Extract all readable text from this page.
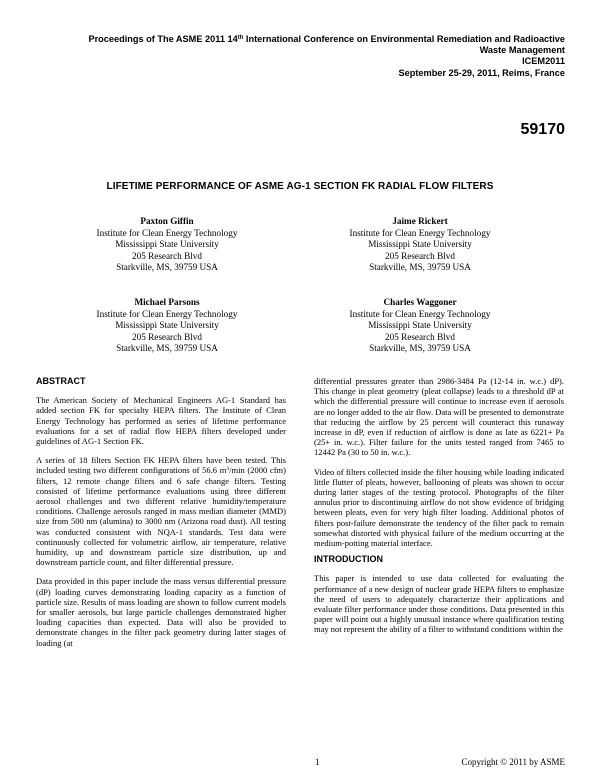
Proceedings of The ASME 2011 14th International Conference on Environmental Remediation and Radioactive
Waste Management
ICEM2011
September 25-29, 2011, Reims, France
59170
LIFETIME PERFORMANCE OF ASME AG-1 SECTION FK RADIAL FLOW FILTERS
Paxton Giffin
Institute for Clean Energy Technology
Mississippi State University
205 Research Blvd
Starkville, MS, 39759 USA
Jaime Rickert
Institute for Clean Energy Technology
Mississippi State University
205 Research Blvd
Starkville, MS, 39759 USA
Michael Parsons
Institute for Clean Energy Technology
Mississippi State University
205 Research Blvd
Starkville, MS, 39759 USA
Charles Waggoner
Institute for Clean Energy Technology
Mississippi State University
205 Research Blvd
Starkville, MS, 39759 USA
ABSTRACT

The American Society of Mechanical Engineers AG-1 Standard has added section FK for specialty HEPA filters. The Institute of Clean Energy Technology has performed as series of lifetime performance evaluations for a set of radial flow HEPA filters developed under guidelines of AG-1 Section FK.

A series of 18 filters Section FK HEPA filters have been tested. This included testing two different configurations of 56.6 $m^3/\min$ (2000 cfm) filters, 12 remote change filters and 6 safe change filters. Testing consisted of lifetime performance evaluations using three different aerosol challenges and two different relative humidity/temperature conditions. Challenge aerosols ranged in mass median diameter (MMD) size from 500 nm (alumina) to 3000 nm (Arizona road dust). All testing was conducted consistent with NQA-1 standards. Test data were continuously collected for volumetric airflow, air temperature, relative humidity, up and downstream particle size distribution, up and downstream particle count, and filter differential pressure.

Data provided in this paper include the mass versus differential pressure (dP) loading curves demonstrating loading capacity as a function of particle size. Results of mass loading are shown to follow current models for smaller aerosols, but large particle challenges demonstrated higher loading capacities than expected. Data will also be provided to demonstrate changes in the filter pack geometry during latter stages of loading (at

differential pressures greater than 2986-3484 Pa (12-14 in. w.c.) dP). This change in pleat geometry (pleat collapse) leads to a threshold dP at which the differential pressure will continue to increase even if aerosols are no longer added to the air flow. Data will be presented to demonstrate that reducing the airflow by 25 percent will counteract this runaway increase in dP, even if reduction of airflow is done as late as 6221+ Pa (25+ in. w.c.). Filter failure for the units tested ranged from 7465 to 12442 Pa (30 to 50 in. w.c.).

Video of filters collected inside the filter housing while loading indicated little flutter of pleats, however, ballooning of pleats was shown to occur during latter stages of the testing protocol. Photographs of the filter annulus prior to discontinuing airflow do not show evidence of bridging between pleats, even for very high filter loading. Additional photos of filters post-failure demonstrate the tendency of the filter pack to remain somewhat distorted with physical failure of the medium occurring at the medium-potting material interface.

INTRODUCTION

This paper is intended to use data collected for evaluating the performance of a new design of nuclear grade HEPA filters to emphasize the need of users to adequately characterize their applications and evaluate filter performance under those conditions. Data presented in this paper will point out a highly unusual instance where qualification testing may not represent the ability of a filter to withstand conditions within the

1	Copyright © 2011 by ASME
